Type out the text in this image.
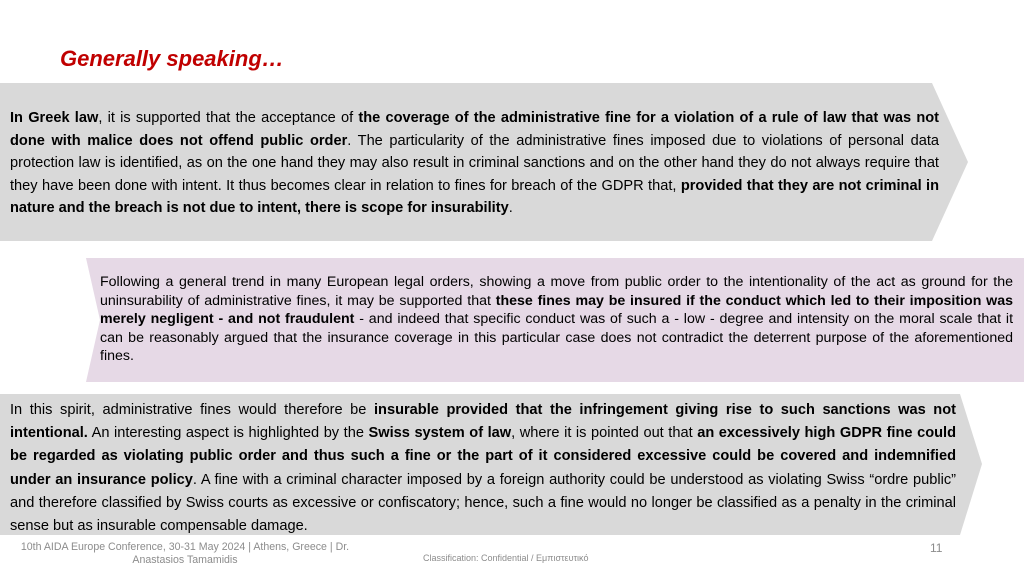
Generally speaking…
In Greek law, it is supported that the acceptance of the coverage of the administrative fine for a violation of a rule of law that was not done with malice does not offend public order. The particularity of the administrative fines imposed due to violations of personal data protection law is identified, as on the one hand they may also result in criminal sanctions and on the other hand they do not always require that they have been done with intent. It thus becomes clear in relation to fines for breach of the GDPR that, provided that they are not criminal in nature and the breach is not due to intent, there is scope for insurability.
Following a general trend in many European legal orders, showing a move from public order to the intentionality of the act as ground for the uninsurability of administrative fines, it may be supported that these fines may be insured if the conduct which led to their imposition was merely negligent - and not fraudulent - and indeed that specific conduct was of such a - low - degree and intensity on the moral scale that it can be reasonably argued that the insurance coverage in this particular case does not contradict the deterrent purpose of the aforementioned fines.
In this spirit, administrative fines would therefore be insurable provided that the infringement giving rise to such sanctions was not intentional. An interesting aspect is highlighted by the Swiss system of law, where it is pointed out that an excessively high GDPR fine could be regarded as violating public order and thus such a fine or the part of it considered excessive could be covered and indemnified under an insurance policy. A fine with a criminal character imposed by a foreign authority could be understood as violating Swiss “ordre public” and therefore classified by Swiss courts as excessive or confiscatory; hence, such a fine would no longer be classified as a penalty in the criminal sense but as insurable compensable damage.
10th AIDA Europe Conference, 30-31 May 2024 | Athens, Greece | Dr. Anastasios Tamamidis	Classification: Confidential / Εμπιστευτικό
11
